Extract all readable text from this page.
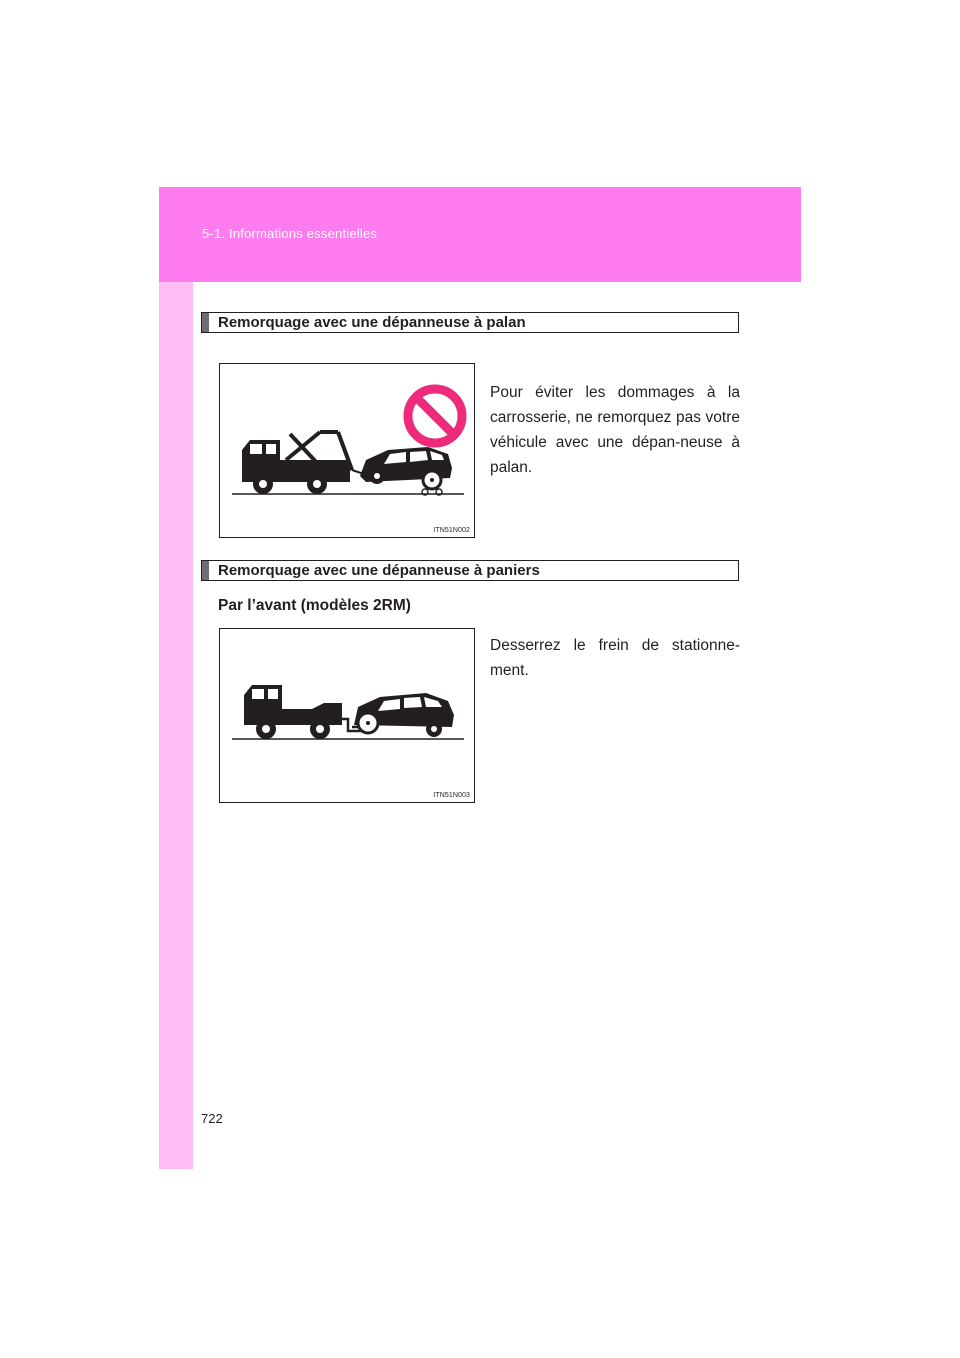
5-1. Informations essentielles
Remorquage avec une dépanneuse à palan
ITN51N002
Pour éviter les dommages à la carrosserie, ne remorquez pas votre véhicule avec une dépan-neuse à palan.
Remorquage avec une dépanneuse à paniers
Par l’avant (modèles 2RM)
ITN51N003
Desserrez le frein de stationne-ment.
722
